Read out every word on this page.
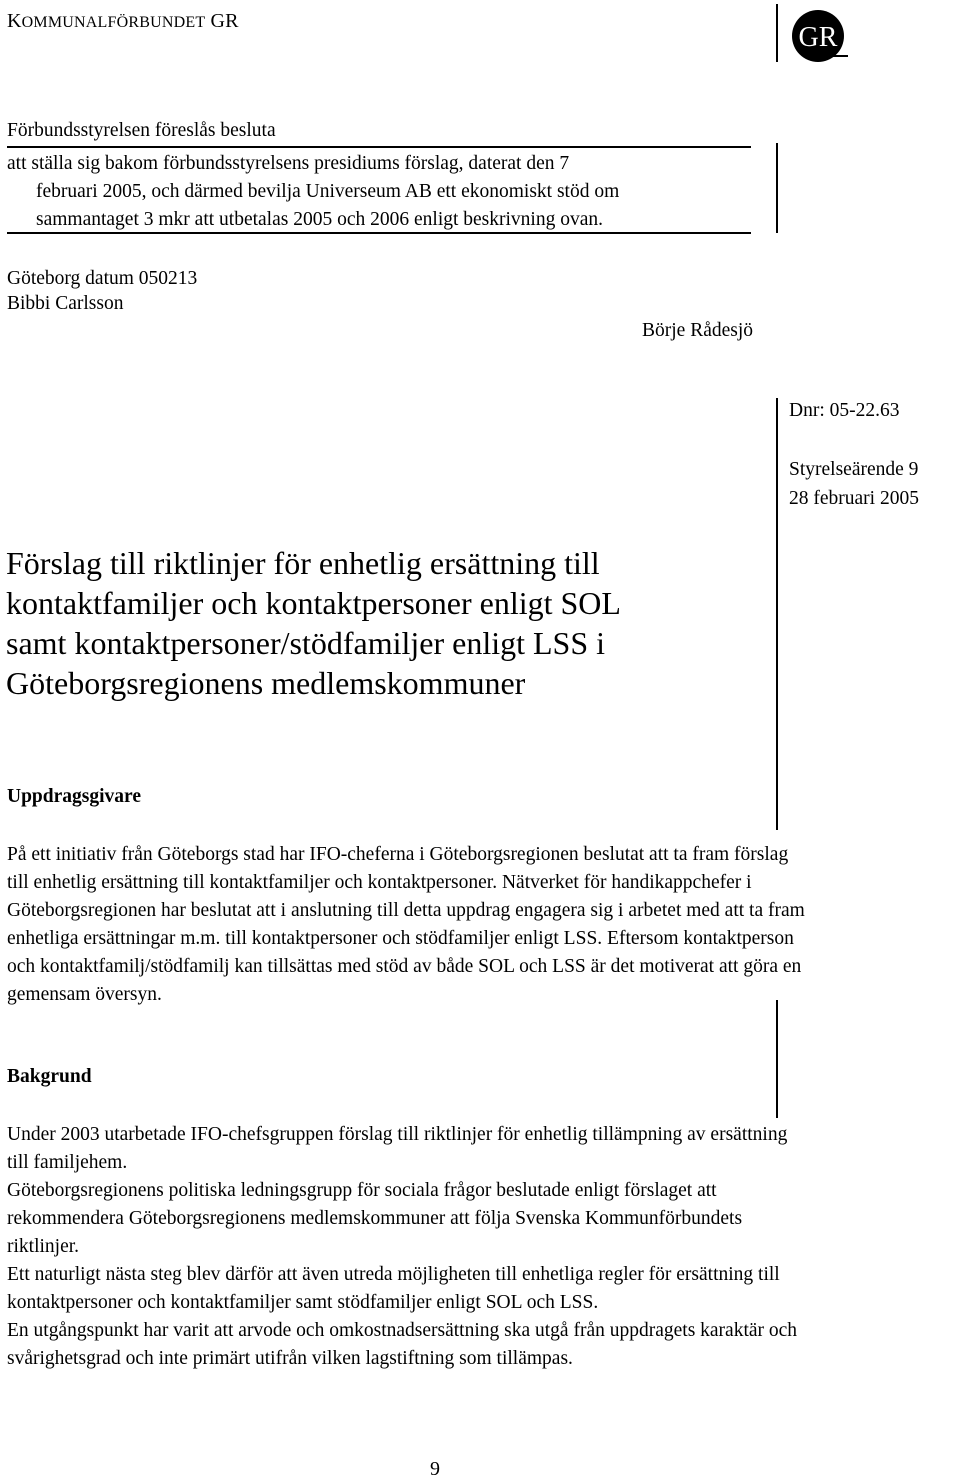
KOMMUNALFÖRBUNDET GR
GR
Förbundsstyrelsen föreslås besluta
att ställa sig bakom förbundsstyrelsens presidiums förslag, daterat den 7
februari 2005, och därmed bevilja Universeum AB ett ekonomiskt stöd om
sammantaget 3 mkr att utbetalas 2005 och 2006 enligt beskrivning ovan.
Göteborg datum 050213
Bibbi Carlsson
Börje Rådesjö
Dnr: 05-22.63
Styrelseärende 9
28 februari 2005
Förslag till riktlinjer för enhetlig ersättning till
kontaktfamiljer och kontaktpersoner enligt SOL
samt kontaktpersoner/stödfamiljer enligt LSS i
Göteborgsregionens medlemskommuner
Uppdragsgivare
På ett initiativ från Göteborgs stad har IFO-cheferna i Göteborgsregionen beslutat att ta fram förslag
till enhetlig ersättning till kontaktfamiljer och kontaktpersoner. Nätverket för handikappchefer i
Göteborgsregionen har beslutat att i anslutning till detta uppdrag engagera sig i arbetet med att ta fram
enhetliga ersättningar m.m. till kontaktpersoner och stödfamiljer enligt LSS. Eftersom kontaktperson
och kontaktfamilj/stödfamilj kan tillsättas med stöd av både SOL och LSS är det motiverat att göra en
gemensam översyn.
Bakgrund
Under 2003 utarbetade IFO-chefsgruppen förslag till riktlinjer för enhetlig tillämpning av ersättning
till familjehem.
Göteborgsregionens politiska ledningsgrupp för sociala frågor beslutade enligt förslaget att
rekommendera Göteborgsregionens medlemskommuner att följa Svenska Kommunförbundets
riktlinjer.
Ett naturligt nästa steg blev därför att även utreda möjligheten till enhetliga regler för ersättning till
kontaktpersoner och kontaktfamiljer samt stödfamiljer enligt SOL och LSS.
En utgångspunkt har varit att arvode och omkostnadsersättning ska utgå från uppdragets karaktär och
svårighetsgrad och inte primärt utifrån vilken lagstiftning som tillämpas.
9
